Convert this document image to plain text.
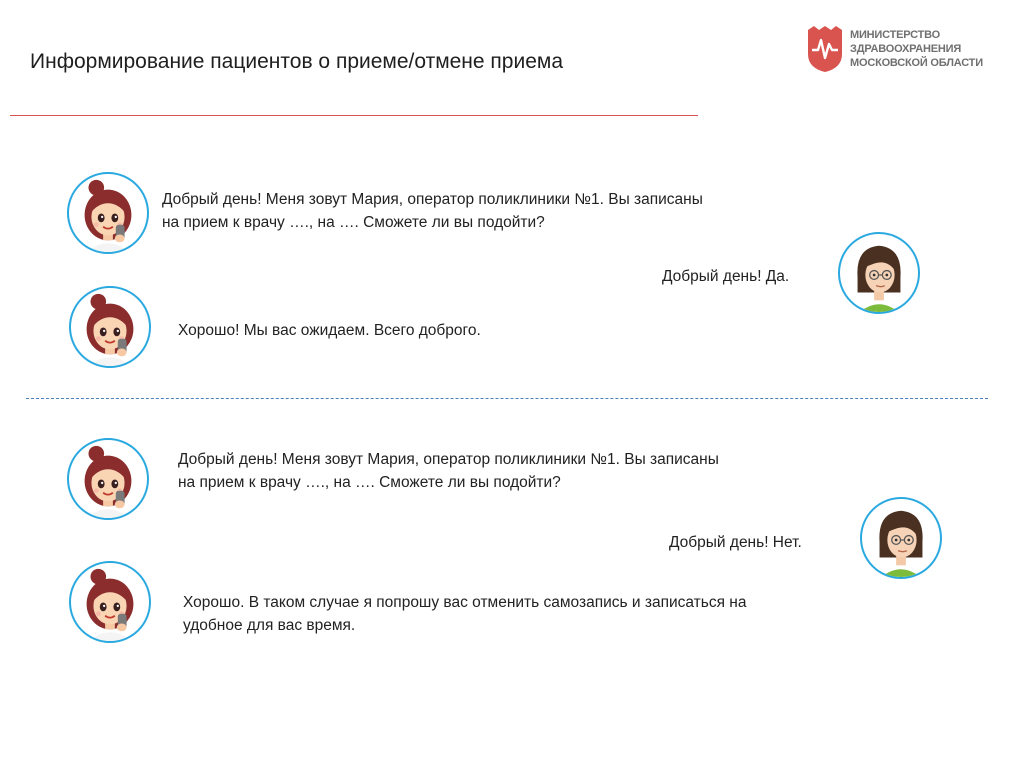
Информирование пациентов о приеме/отмене приема
МИНИСТЕРСТВО
ЗДРАВООХРАНЕНИЯ
МОСКОВСКОЙ ОБЛАСТИ
Добрый день! Меня зовут Мария, оператор поликлиники №1. Вы записаны
на прием к врачу …., на …. Сможете ли вы подойти?
Добрый день! Да.
Хорошо! Мы вас ожидаем. Всего доброго.
Добрый день! Меня зовут Мария, оператор поликлиники №1. Вы записаны
на прием к врачу …., на …. Сможете ли вы подойти?
Добрый день! Нет.
Хорошо. В таком случае я попрошу вас отменить самозапись и записаться на
удобное для вас время.
